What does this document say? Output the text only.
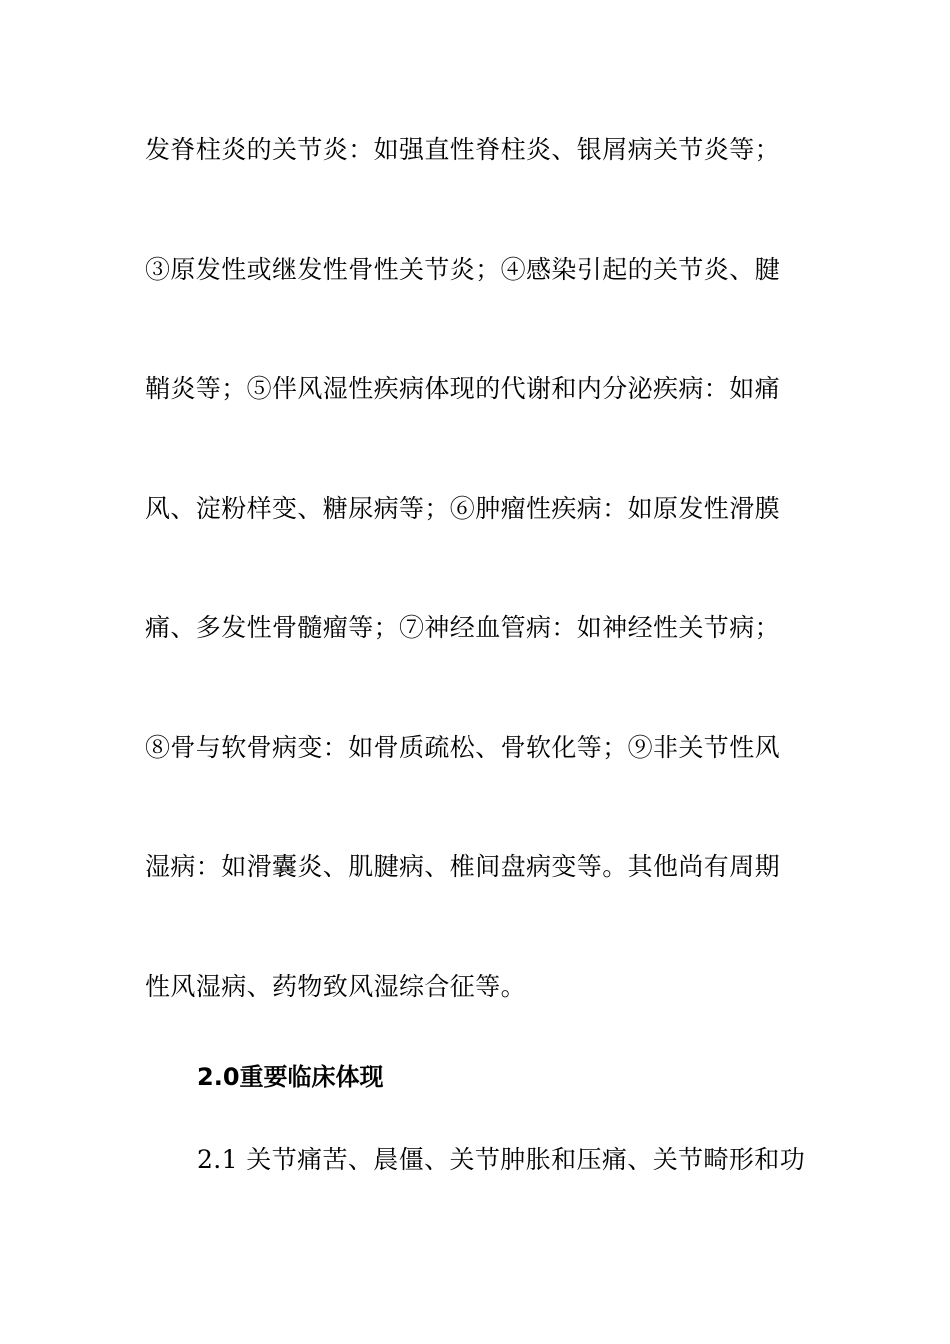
发脊柱炎的关节炎：如强直性脊柱炎、银屑病关节炎等；
③原发性或继发性骨性关节炎；④感染引起的关节炎、腱
鞘炎等；⑤伴风湿性疾病体现的代谢和内分泌疾病：如痛
风、淀粉样变、糖尿病等；⑥肿瘤性疾病：如原发性滑膜
痛、多发性骨髓瘤等；⑦神经血管病：如神经性关节病；
⑧骨与软骨病变：如骨质疏松、骨软化等；⑨非关节性风
湿病：如滑囊炎、肌腱病、椎间盘病变等。其他尚有周期
性风湿病、药物致风湿综合征等。
2.0重要临床体现
2.1 关节痛苦、晨僵、关节肿胀和压痛、关节畸形和功
